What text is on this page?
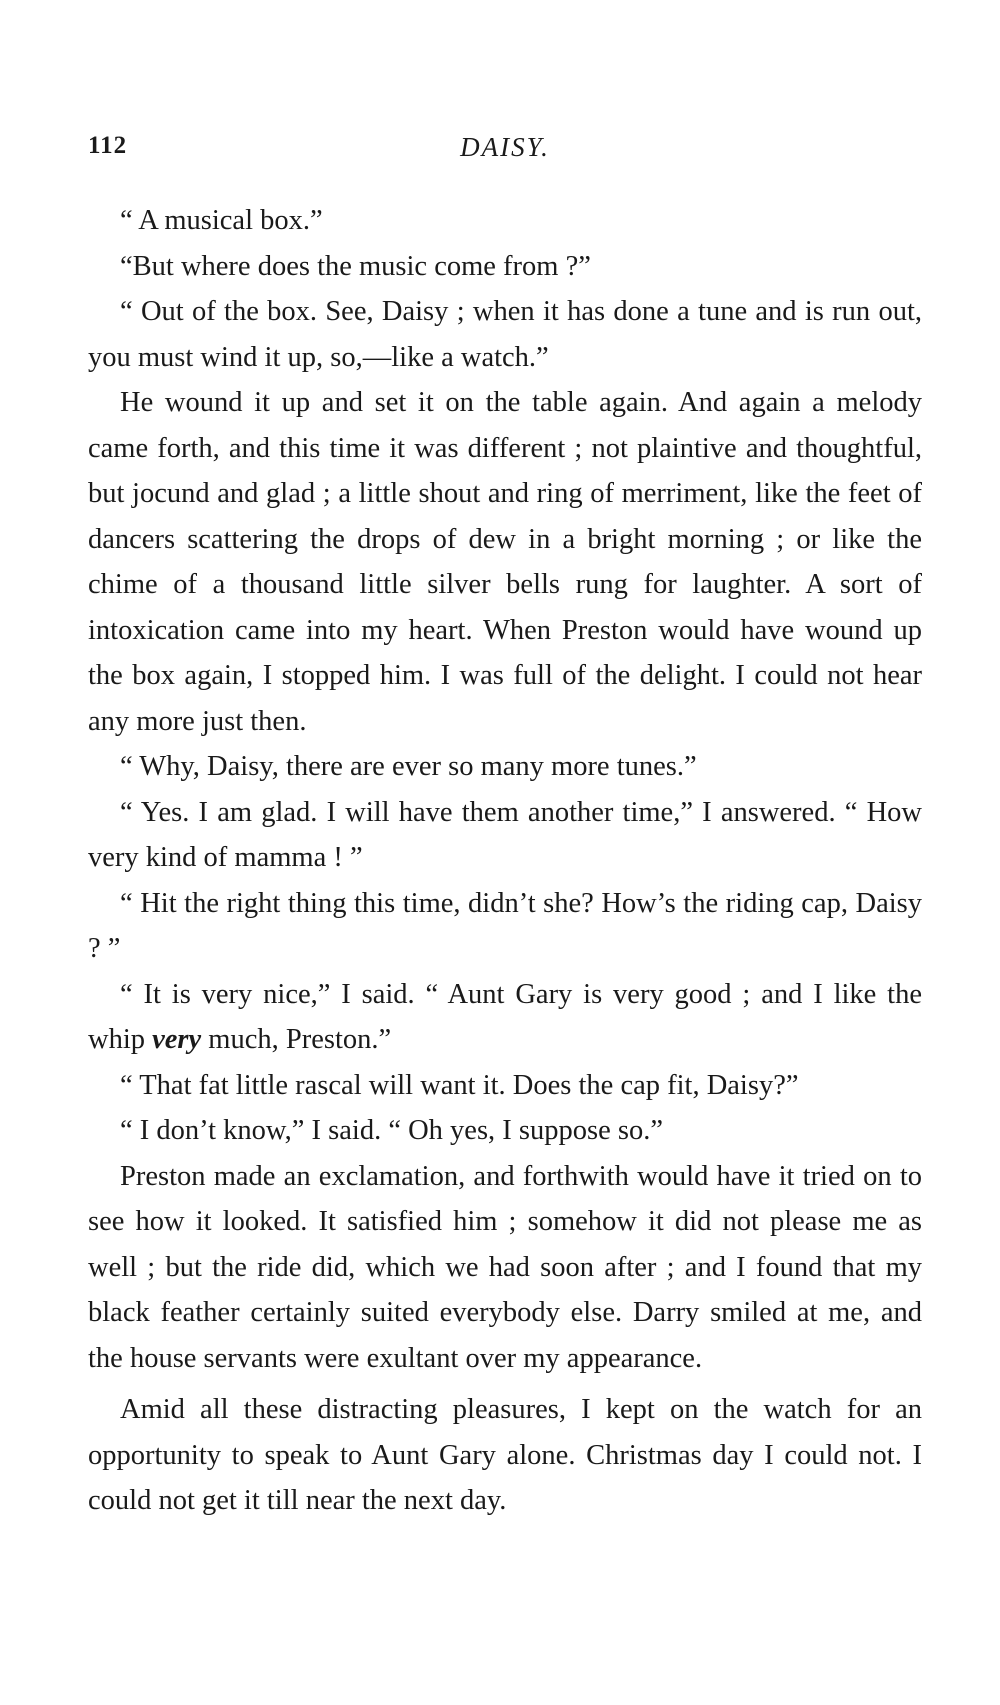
112	DAISY.

“ A musical box.”

“But where does the music come from ?”

“ Out of the box. See, Daisy ; when it has done a tune and is run out, you must wind it up, so,—like a watch.”

He wound it up and set it on the table again. And again a melody came forth, and this time it was different ; not plaintive and thoughtful, but jocund and glad ; a little shout and ring of merriment, like the feet of dancers scattering the drops of dew in a bright morning ; or like the chime of a thousand little silver bells rung for laughter. A sort of intoxication came into my heart. When Preston would have wound up the box again, I stopped him. I was full of the delight. I could not hear any more just then.

“ Why, Daisy, there are ever so many more tunes.”

“ Yes. I am glad. I will have them another time,” I answered. “ How very kind of mamma ! ”

“ Hit the right thing this time, didn’t she? How’s the riding cap, Daisy ? ”

“ It is very nice,” I said. “ Aunt Gary is very good ; and I like the whip very much, Preston.”

“ That fat little rascal will want it. Does the cap fit, Daisy?”

“ I don’t know,” I said. “ Oh yes, I suppose so.”

Preston made an exclamation, and forthwith would have it tried on to see how it looked. It satisfied him ; somehow it did not please me as well ; but the ride did, which we had soon after ; and I found that my black feather certainly suited everybody else. Darry smiled at me, and the house servants were exultant over my appearance.

Amid all these distracting pleasures, I kept on the watch for an opportunity to speak to Aunt Gary alone. Christmas day I could not. I could not get it till near the next day.
